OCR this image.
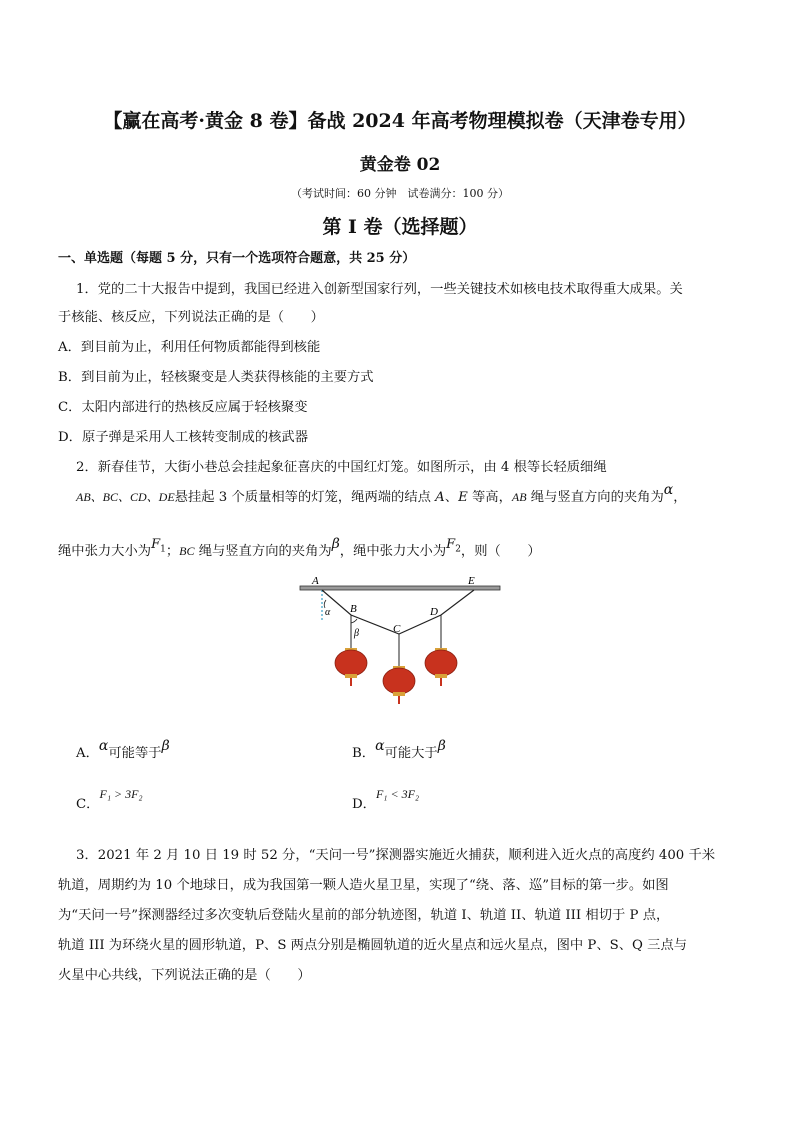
【赢在高考·黄金 8 卷】备战 2024 年高考物理模拟卷（天津卷专用）
黄金卷 02
（考试时间：60 分钟　试卷满分：100 分）
第 I 卷（选择题）
一、单选题（每题 5 分，只有一个选项符合题意，共 25 分）
1．党的二十大报告中提到，我国已经进入创新型国家行列，一些关键技术如核电技术取得重大成果。关
于核能、核反应，下列说法正确的是（　　）
A．到目前为止，利用任何物质都能得到核能
B．到目前为止，轻核聚变是人类获得核能的主要方式
C．太阳内部进行的热核反应属于轻核聚变
D．原子弹是采用人工核转变制成的核武器
2．新春佳节，大街小巷总会挂起象征喜庆的中国红灯笼。如图所示，由 4 根等长轻质细绳
AB、BC、CD、DE悬挂起 3 个质量相等的灯笼，绳两端的结点 A、E 等高，AB 绳与竖直方向的夹角为α，
绳中张力大小为$F_1$；BC 绳与竖直方向的夹角为β，绳中张力大小为$F_2$，则（　　）
A	E
B
C
D
α
β
A．α可能等于β	B．α可能大于β
C．F₁ > 3F₂
D．F₁ < 3F₂
3．2021 年 2 月 10 日 19 时 52 分，“天问一号”探测器实施近火捕获，顺利进入近火点的高度约 400 千米
轨道，周期约为 10 个地球日，成为我国第一颗人造火星卫星，实现了“绕、落、巡”目标的第一步。如图
为“天问一号”探测器经过多次变轨后登陆火星前的部分轨迹图，轨道 I、轨道 II、轨道 III 相切于 P 点，
轨道 III 为环绕火星的圆形轨道，P、S 两点分别是椭圆轨道的近火星点和远火星点，图中 P、S、Q 三点与
火星中心共线，下列说法正确的是（　　）
